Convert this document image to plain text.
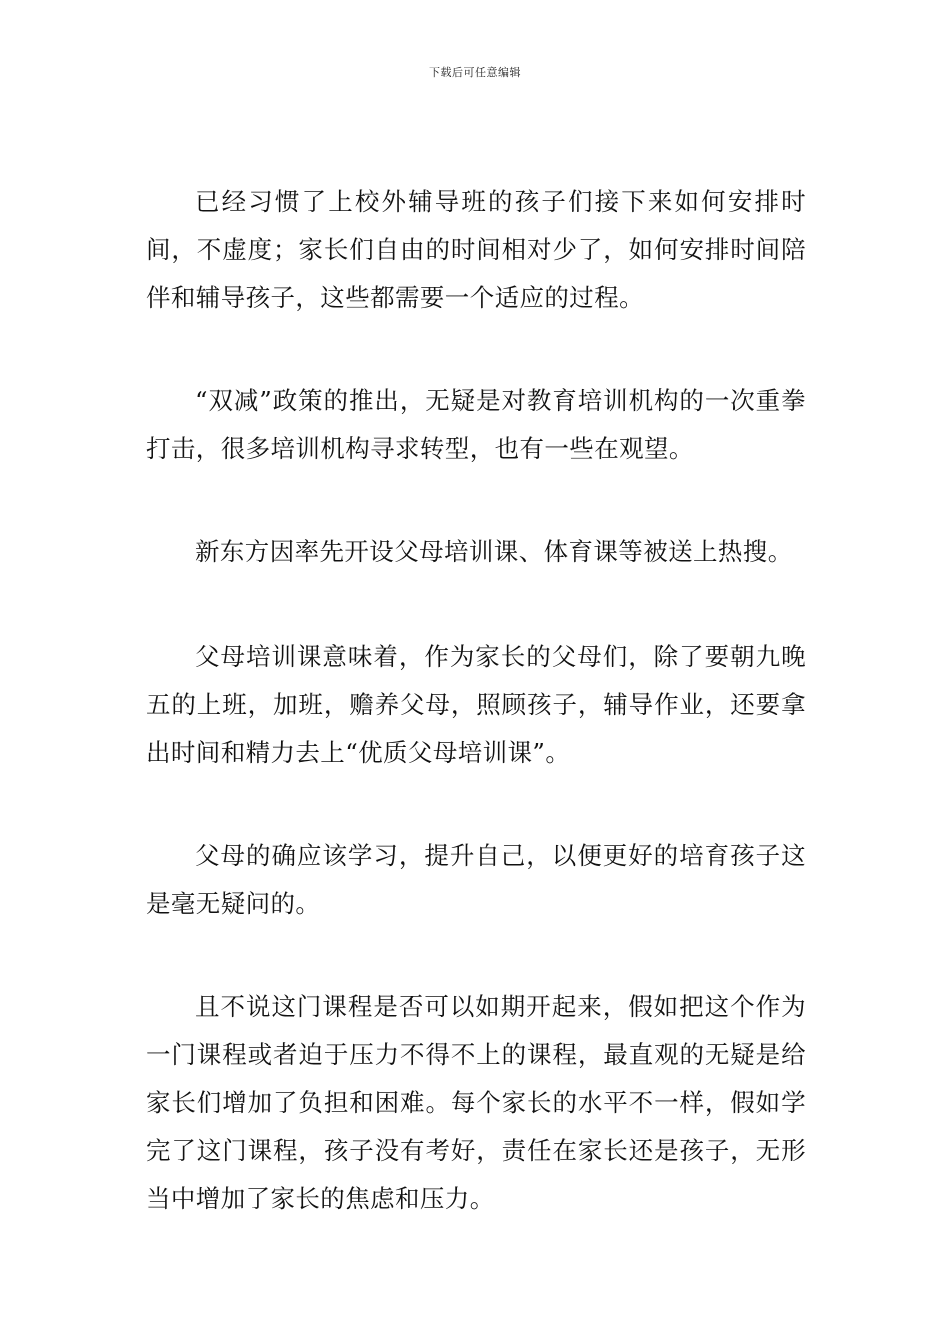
下载后可任意编辑

已经习惯了上校外辅导班的孩子们接下来如何安排时间，不虚度；家长们自由的时间相对少了，如何安排时间陪伴和辅导孩子，这些都需要一个适应的过程。

“双减”政策的推出，无疑是对教育培训机构的一次重拳打击，很多培训机构寻求转型，也有一些在观望。

新东方因率先开设父母培训课、体育课等被送上热搜。

父母培训课意味着，作为家长的父母们，除了要朝九晚五的上班，加班，赡养父母，照顾孩子，辅导作业，还要拿出时间和精力去上“优质父母培训课”。

父母的确应该学习，提升自己，以便更好的培育孩子这是毫无疑问的。

且不说这门课程是否可以如期开起来，假如把这个作为一门课程或者迫于压力不得不上的课程，最直观的无疑是给家长们增加了负担和困难。每个家长的水平不一样，假如学完了这门课程，孩子没有考好，责任在家长还是孩子，无形当中增加了家长的焦虑和压力。
